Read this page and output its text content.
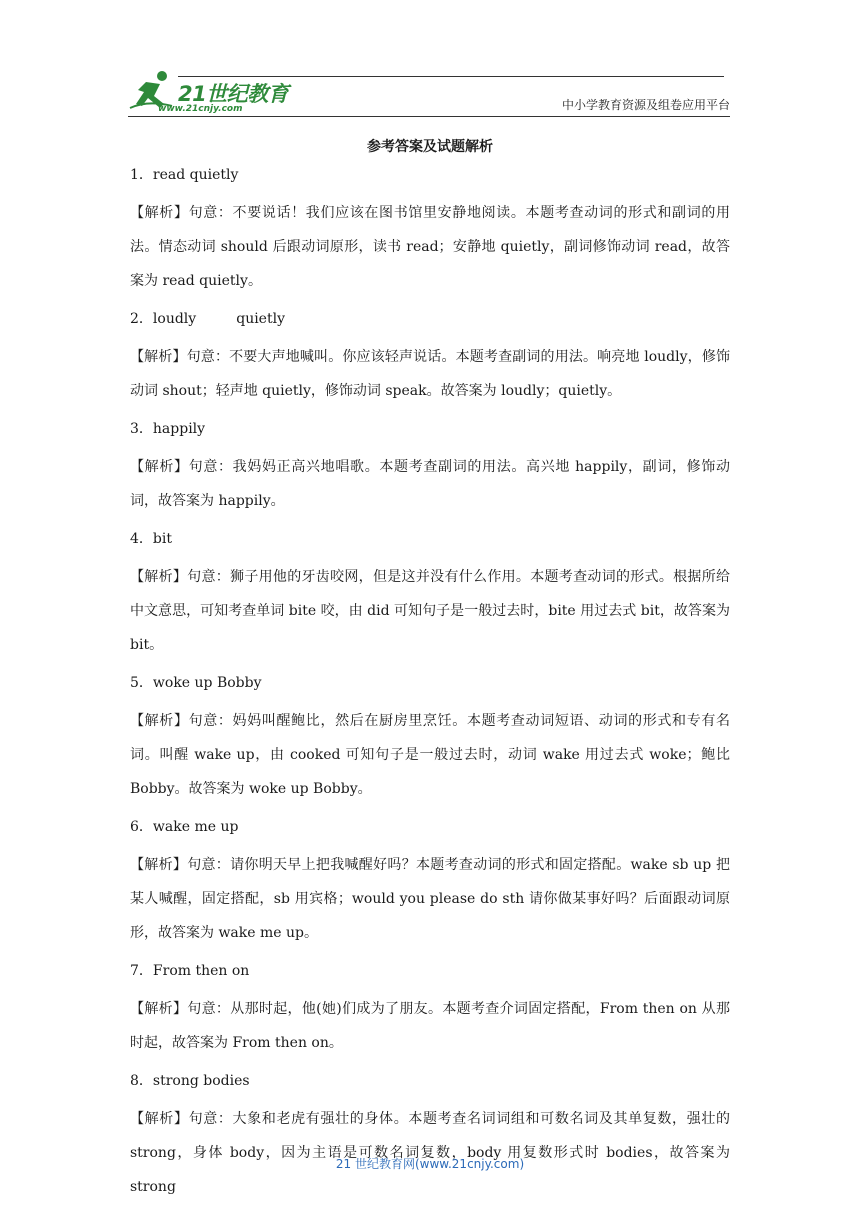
21世纪教育
www.21cnjy.com	中小学教育资源及组卷应用平台
参考答案及试题解析

1．read quietly

【解析】句意：不要说话！我们应该在图书馆里安静地阅读。本题考查动词的形式和副词的用法。情态动词 should 后跟动词原形，读书 read；安静地 quietly，副词修饰动词 read，故答案为 read quietly。

2．loudly         quietly

【解析】句意：不要大声地喊叫。你应该轻声说话。本题考查副词的用法。响亮地 loudly，修饰动词 shout；轻声地 quietly，修饰动词 speak。故答案为 loudly；quietly。

3．happily

【解析】句意：我妈妈正高兴地唱歌。本题考查副词的用法。高兴地 happily，副词，修饰动词，故答案为 happily。

4．bit

【解析】句意：狮子用他的牙齿咬网，但是这并没有什么作用。本题考查动词的形式。根据所给中文意思，可知考查单词 bite 咬，由 did 可知句子是一般过去时，bite 用过去式 bit，故答案为 bit。

5．woke up Bobby

【解析】句意：妈妈叫醒鲍比，然后在厨房里烹饪。本题考查动词短语、动词的形式和专有名词。叫醒 wake up，由 cooked 可知句子是一般过去时，动词 wake 用过去式 woke；鲍比 Bobby。故答案为 woke up Bobby。

6．wake me up

【解析】句意：请你明天早上把我喊醒好吗？本题考查动词的形式和固定搭配。wake sb up 把某人喊醒，固定搭配，sb 用宾格；would you please do sth 请你做某事好吗？后面跟动词原形，故答案为 wake me up。

7．From then on

【解析】句意：从那时起，他(她)们成为了朋友。本题考查介词固定搭配，From then on 从那时起，故答案为 From then on。

8．strong bodies

【解析】句意：大象和老虎有强壮的身体。本题考查名词词组和可数名词及其单复数，强壮的 strong，身体 body，因为主语是可数名词复数，body 用复数形式时 bodies，故答案为 strong

21 世纪教育网(www.21cnjy.com)
